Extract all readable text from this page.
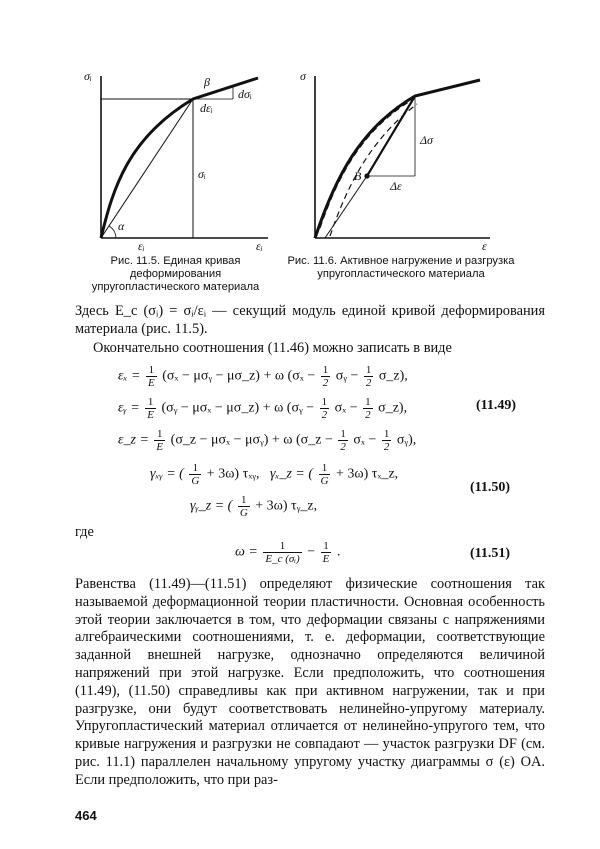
σᵢ
εᵢ
εᵢ
σᵢ
β
dσᵢ
dεᵢ
α
Рис. 11.5. Единая кривая деформирования упругопластического материала
σ
ε
B
Δσ
Δε
Рис. 11.6. Активное нагружение и разгрузка упругопластического материала
Здесь E_c (σᵢ) = σᵢ/εᵢ — секущий модуль единой кривой деформирования материала (рис. 11.5).
Окончательно соотношения (11.46) можно записать в виде
$\varepsilon_x = \frac{1}{E} (\sigma_x$ − μσᵧ − μσ_z) + ω ($\sigma_x - \frac{1}{2}$ σᵧ − $\frac{1}{2}$ σ_z),
εᵧ = $\frac{1}{E}$ (σᵧ − μσₓ − μσ_z) + ω (σᵧ − $\frac{1}{2}$ $\sigma_x - \frac{1}{2}$ σ_z),	(11.49)
ε_z = $\frac{1}{E}$ (σ_z − μσₓ − μσᵧ) + ω (σ_z − $\frac{1}{2}$ $\sigma_x - \frac{1}{2}$ σᵧ),
γₓᵧ = ( $\frac{1}{G} + 3\omega$) τₓᵧ, γₓ_z = ( $\frac{1}{G} + 3\omega$) τₓ_z,
(11.50)
γᵧ_z = ( $\frac{1}{G} + 3\omega$) τᵧ_z,
где
$\omega = \frac{1}{\text{E\_c (σᵢ)}} - \frac{1}{E}$ .	(11.51)
Равенства (11.49)—(11.51) определяют физические соотношения так называемой деформационной теории пластичности. Основная особенность этой теории заключается в том, что деформации связаны с напряжениями алгебраическими соотношениями, т. е. деформации, соответствующие заданной внешней нагрузке, однозначно определяются величиной напряжений при этой нагрузке. Если предположить, что соотношения (11.49), (11.50) справедливы как при активном нагружении, так и при разгрузке, они будут соответствовать нелинейно-упругому материалу. Упругопластический материал отличается от нелинейно-упругого тем, что кривые нагружения и разгрузки не совпадают — участок разгрузки DF (см. рис. 11.1) параллелен начальному упругому участку диаграммы σ (ε) OA. Если предположить, что при раз-
464
